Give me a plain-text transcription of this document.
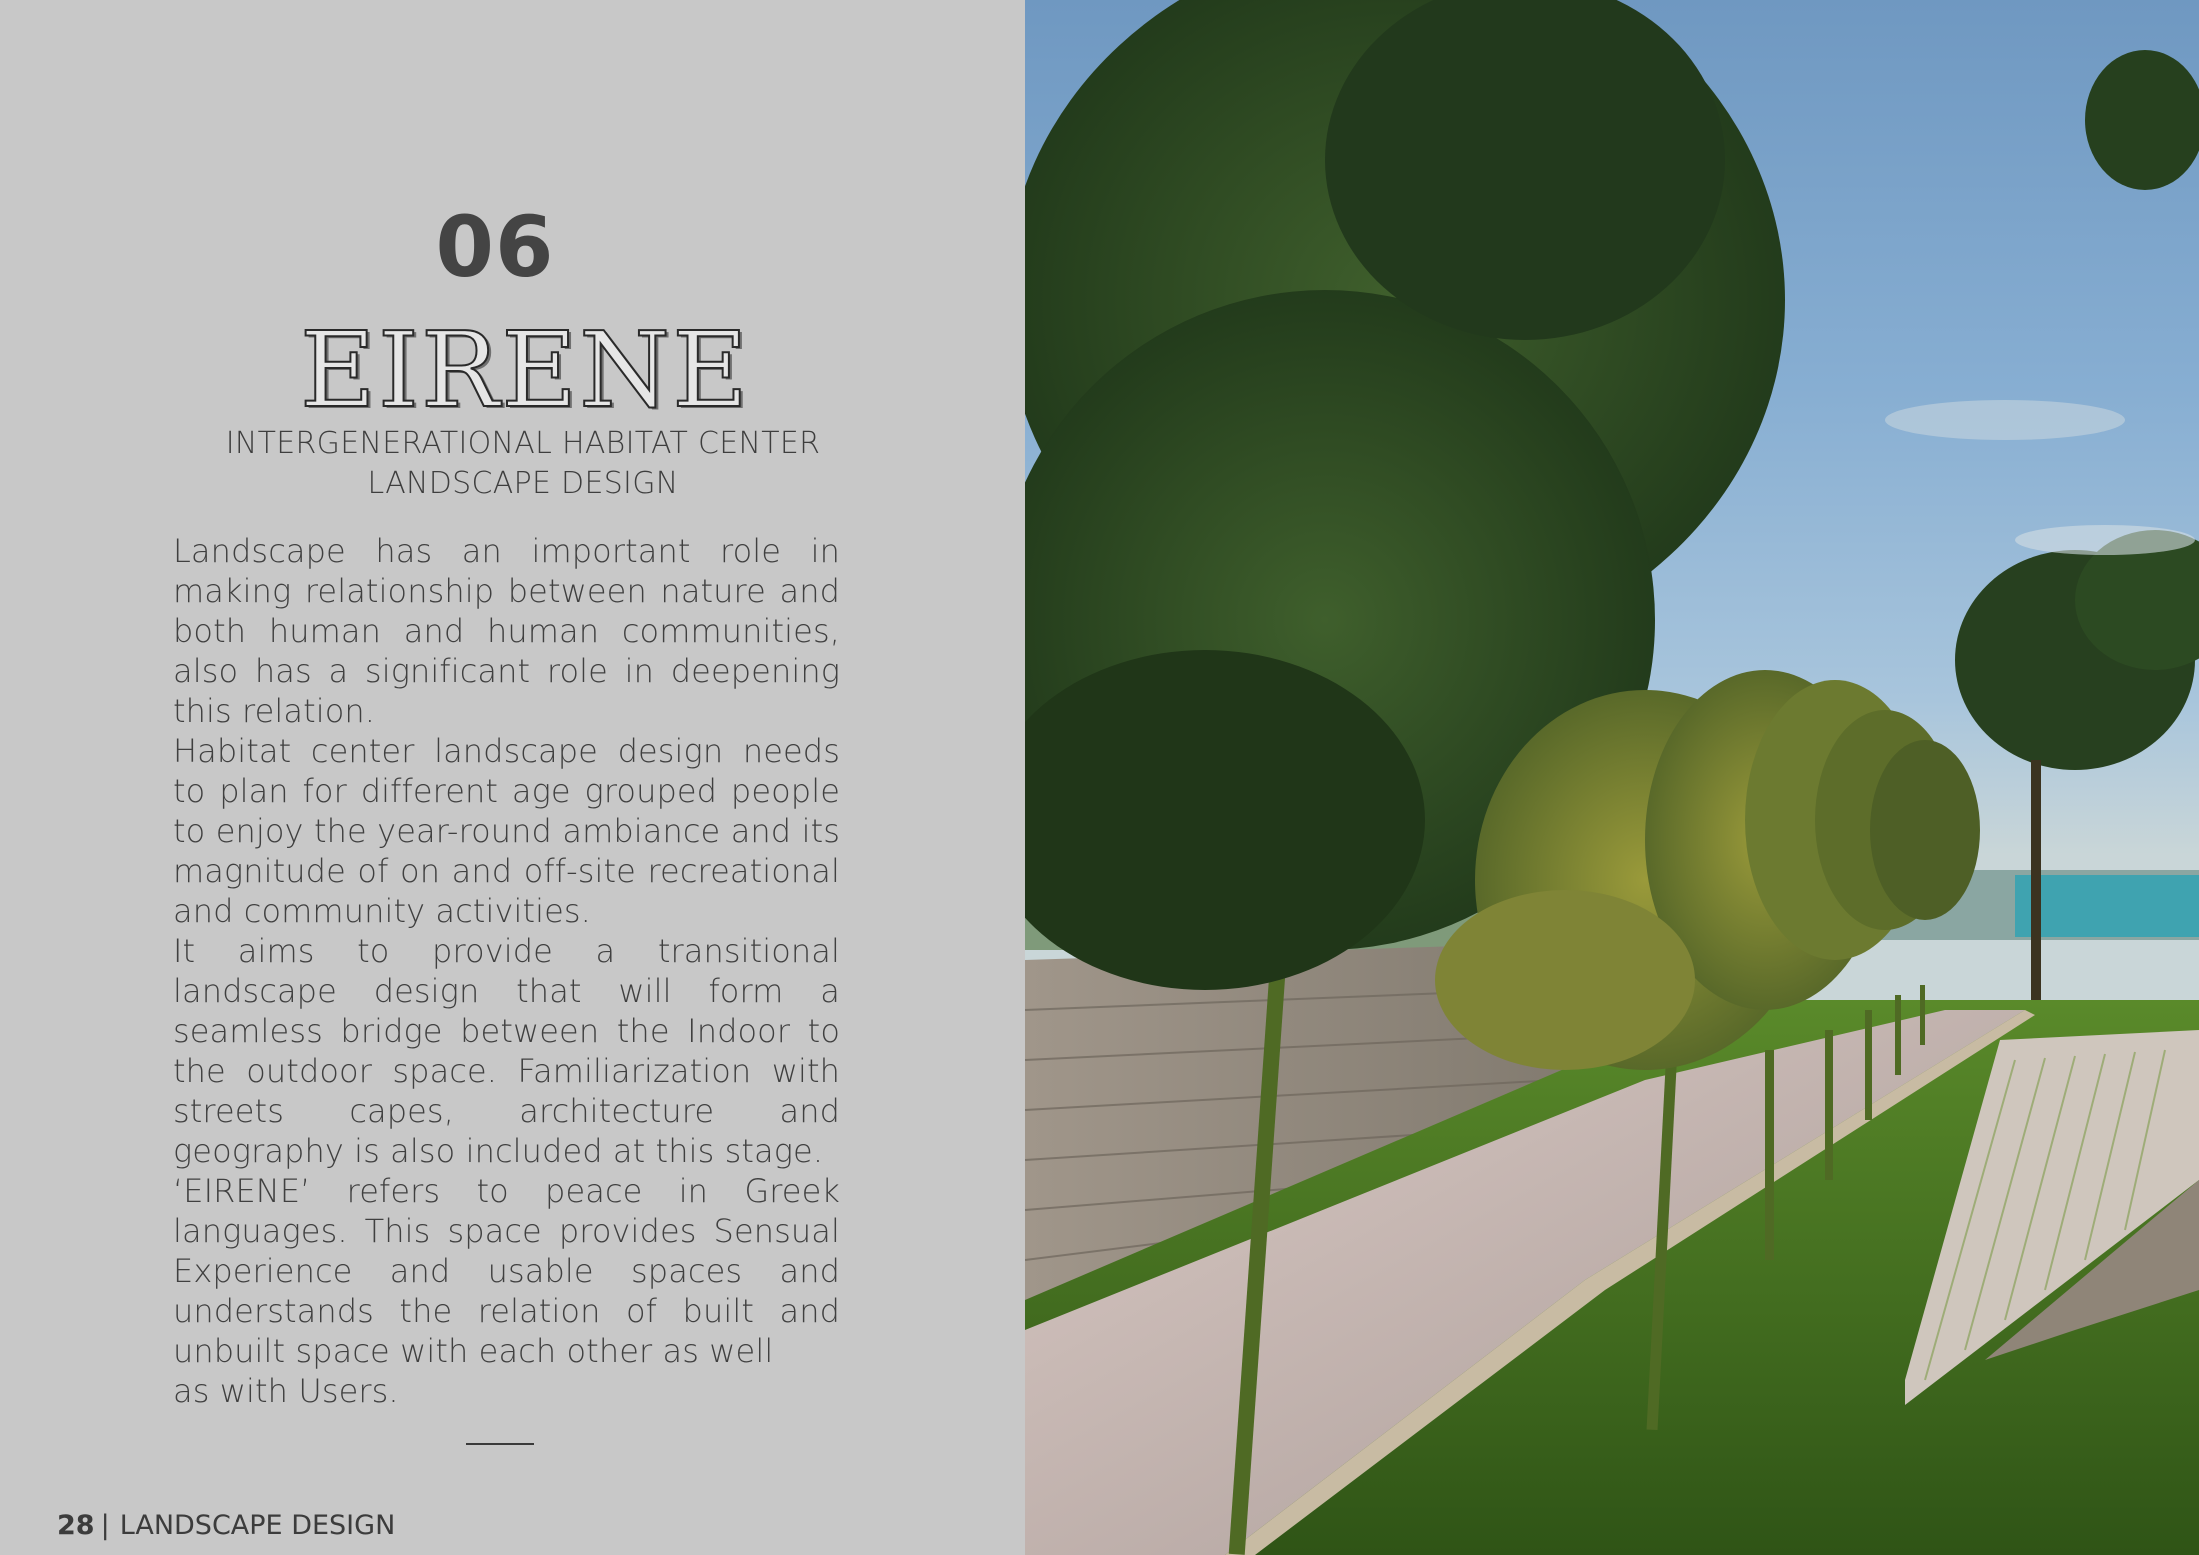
06
EIRENE
INTERGENERATIONAL HABITAT CENTER
LANDSCAPE DESIGN

Landscape has an important role in making relationship between nature and both human and human communities, also has a significant role in deepening this relation.

Habitat center landscape design needs to plan for different age grouped people to enjoy the year-round ambiance and its magnitude of on and off-site recreational and community activities.

It aims to provide a transitional landscape design that will form a seamless bridge between the Indoor to the outdoor space. Familiarization with streets capes, architecture and geography is also included at this stage.

‘EIRENE’ refers to peace in Greek languages. This space provides Sensual Experience and usable spaces and understands the relation of built and unbuilt space with each other as well

as with Users.

28 | LANDSCAPE DESIGN
